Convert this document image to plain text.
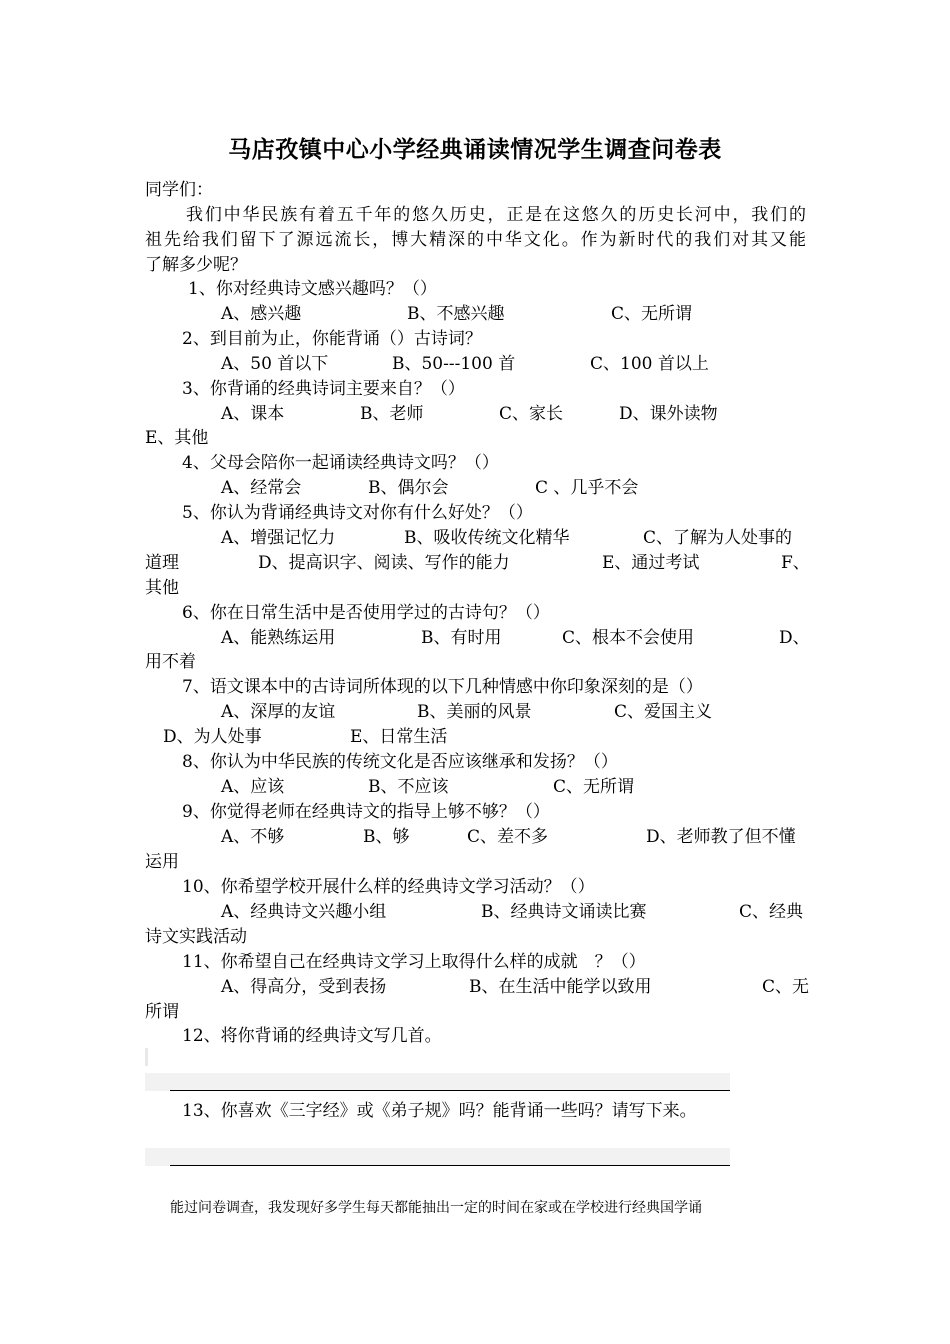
马店孜镇中心小学经典诵读情况学生调查问卷表
同学们：
我们中华民族有着五千年的悠久历史，正是在这悠久的历史长河中，我们的
祖先给我们留下了源远流长，博大精深的中华文化。作为新时代的我们对其又能
了解多少呢？
1、你对经典诗文感兴趣吗？（）
A、感兴趣	B、不感兴趣	C、无所谓
2、到目前为止，你能背诵（）古诗词？
A、50 首以下	B、50---100 首	C、100 首以上
3、你背诵的经典诗词主要来自？（）
A、课本	B、老师	C、家长	D、课外读物
E、其他
4、父母会陪你一起诵读经典诗文吗？（）
A、经常会	B、偶尔会	C 、几乎不会
5、你认为背诵经典诗文对你有什么好处？（）
A、增强记忆力	B、吸收传统文化精华	C、了解为人处事的
道理	D、提高识字、阅读、写作的能力	E、通过考试	F、
其他
6、你在日常生活中是否使用学过的古诗句？（）
A、能熟练运用	B、有时用	C、根本不会使用	D、
用不着
7、语文课本中的古诗词所体现的以下几种情感中你印象深刻的是（）
A、深厚的友谊	B、美丽的风景	C、爱国主义
D、为人处事	E、日常生活
8、你认为中华民族的传统文化是否应该继承和发扬？（）
A、应该	B、不应该	C、无所谓
9、你觉得老师在经典诗文的指导上够不够？（）
A、不够	B、够	C、差不多	D、老师教了但不懂
运用
10、你希望学校开展什么样的经典诗文学习活动？（）
A、经典诗文兴趣小组	B、经典诗文诵读比赛	C、经典
诗文实践活动
11、你希望自己在经典诗文学习上取得什么样的成就　？（）
A、得高分，受到表扬	B、在生活中能学以致用	C、无
所谓
12、将你背诵的经典诗文写几首。
13、你喜欢《三字经》或《弟子规》吗？能背诵一些吗？请写下来。
能过问卷调查，我发现好多学生每天都能抽出一定的时间在家或在学校进行经典国学诵
